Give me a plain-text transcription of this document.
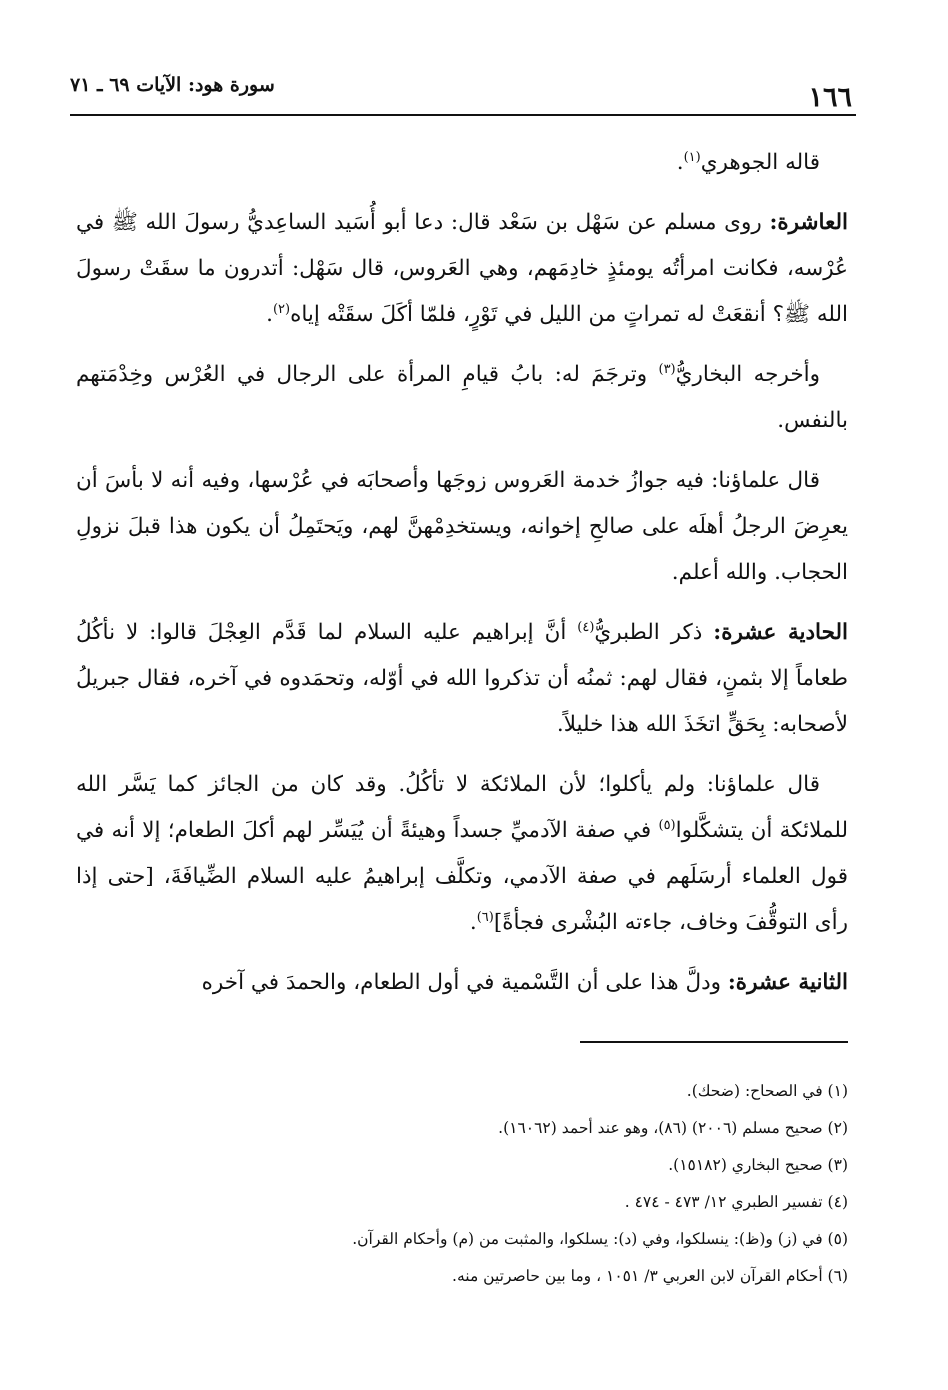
١٦٦
سورة هود: الآيات ٦٩ ـ ٧١

قاله الجوهري$^{(١)}$.

العاشرة: روى مسلم عن سَهْل بن سَعْد قال: دعا أبو أُسَيد الساعِديُّ رسولَ الله ﷺ في عُرْسه، فكانت امرأتُه يومئذٍ خادِمَهم، وهي العَروس، قال سَهْل: أتدرون ما سقَتْ رسولَ الله ﷺ؟ أنقعَتْ له تمراتٍ من الليل في تَوْرٍ، فلمّا أكَلَ سقَتْه إياه$^{(٢)}$.

وأخرجه البخاريُّ$^{(٣)}$ وترجَمَ له: بابُ قيامِ المرأة على الرجال في العُرْس وخِدْمَتهم بالنفس.

قال علماؤنا: فيه جوازُ خدمة العَروس زوجَها وأصحابَه في عُرْسها، وفيه أنه لا بأسَ أن يعرِضَ الرجلُ أهلَه على صالحِ إخوانه، ويستخدِمْهنَّ لهم، ويَحتَمِلُ أن يكون هذا قبلَ نزولِ الحجاب. والله أعلم.

الحادية عشرة: ذكر الطبريُّ$^{(٤)}$ أنَّ إبراهيم عليه السلام لما قَدَّم العِجْلَ قالوا: لا نأكُلُ طعاماً إلا بثمنٍ، فقال لهم: ثمنُه أن تذكروا الله في أوّله، وتحمَدوه في آخره، فقال جبريلُ لأصحابه: بِحَقٍّ اتخَذَ الله هذا خليلاً.

قال علماؤنا: ولم يأكلوا؛ لأن الملائكة لا تأكُلُ. وقد كان من الجائز كما يَسَّر الله للملائكة أن يتشكَّلوا$^{(٥)}$ في صفة الآدميِّ جسداً وهيئةً أن يُيَسِّر لهم أكلَ الطعام؛ إلا أنه في قول العلماء أرسَلَهم في صفة الآدمي، وتكلَّف إبراهيمُ عليه السلام الضِّيافَةَ، [حتى إذا رأى التوقُّفَ وخاف، جاءته البُشْرى فجأةً]$^{(٦)}$.

الثانية عشرة: ودلَّ هذا على أن التَّسْمية في أول الطعام، والحمدَ في آخره

(١) في الصحاح: (ضحك).
(٢) صحيح مسلم (٢٠٠٦) (٨٦)، وهو عند أحمد (١٦٠٦٢).
(٣) صحيح البخاري (١٥١٨٢).
(٤) تفسير الطبري ١٢/ ٤٧٣ - ٤٧٤ .
(٥) في (ز) و(ظ): ينسلكوا، وفي (د): يسلكوا، والمثبت من (م) وأحكام القرآن.
(٦) أحكام القرآن لابن العربي ٣/ ١٠٥١ ، وما بين حاصرتين منه.
